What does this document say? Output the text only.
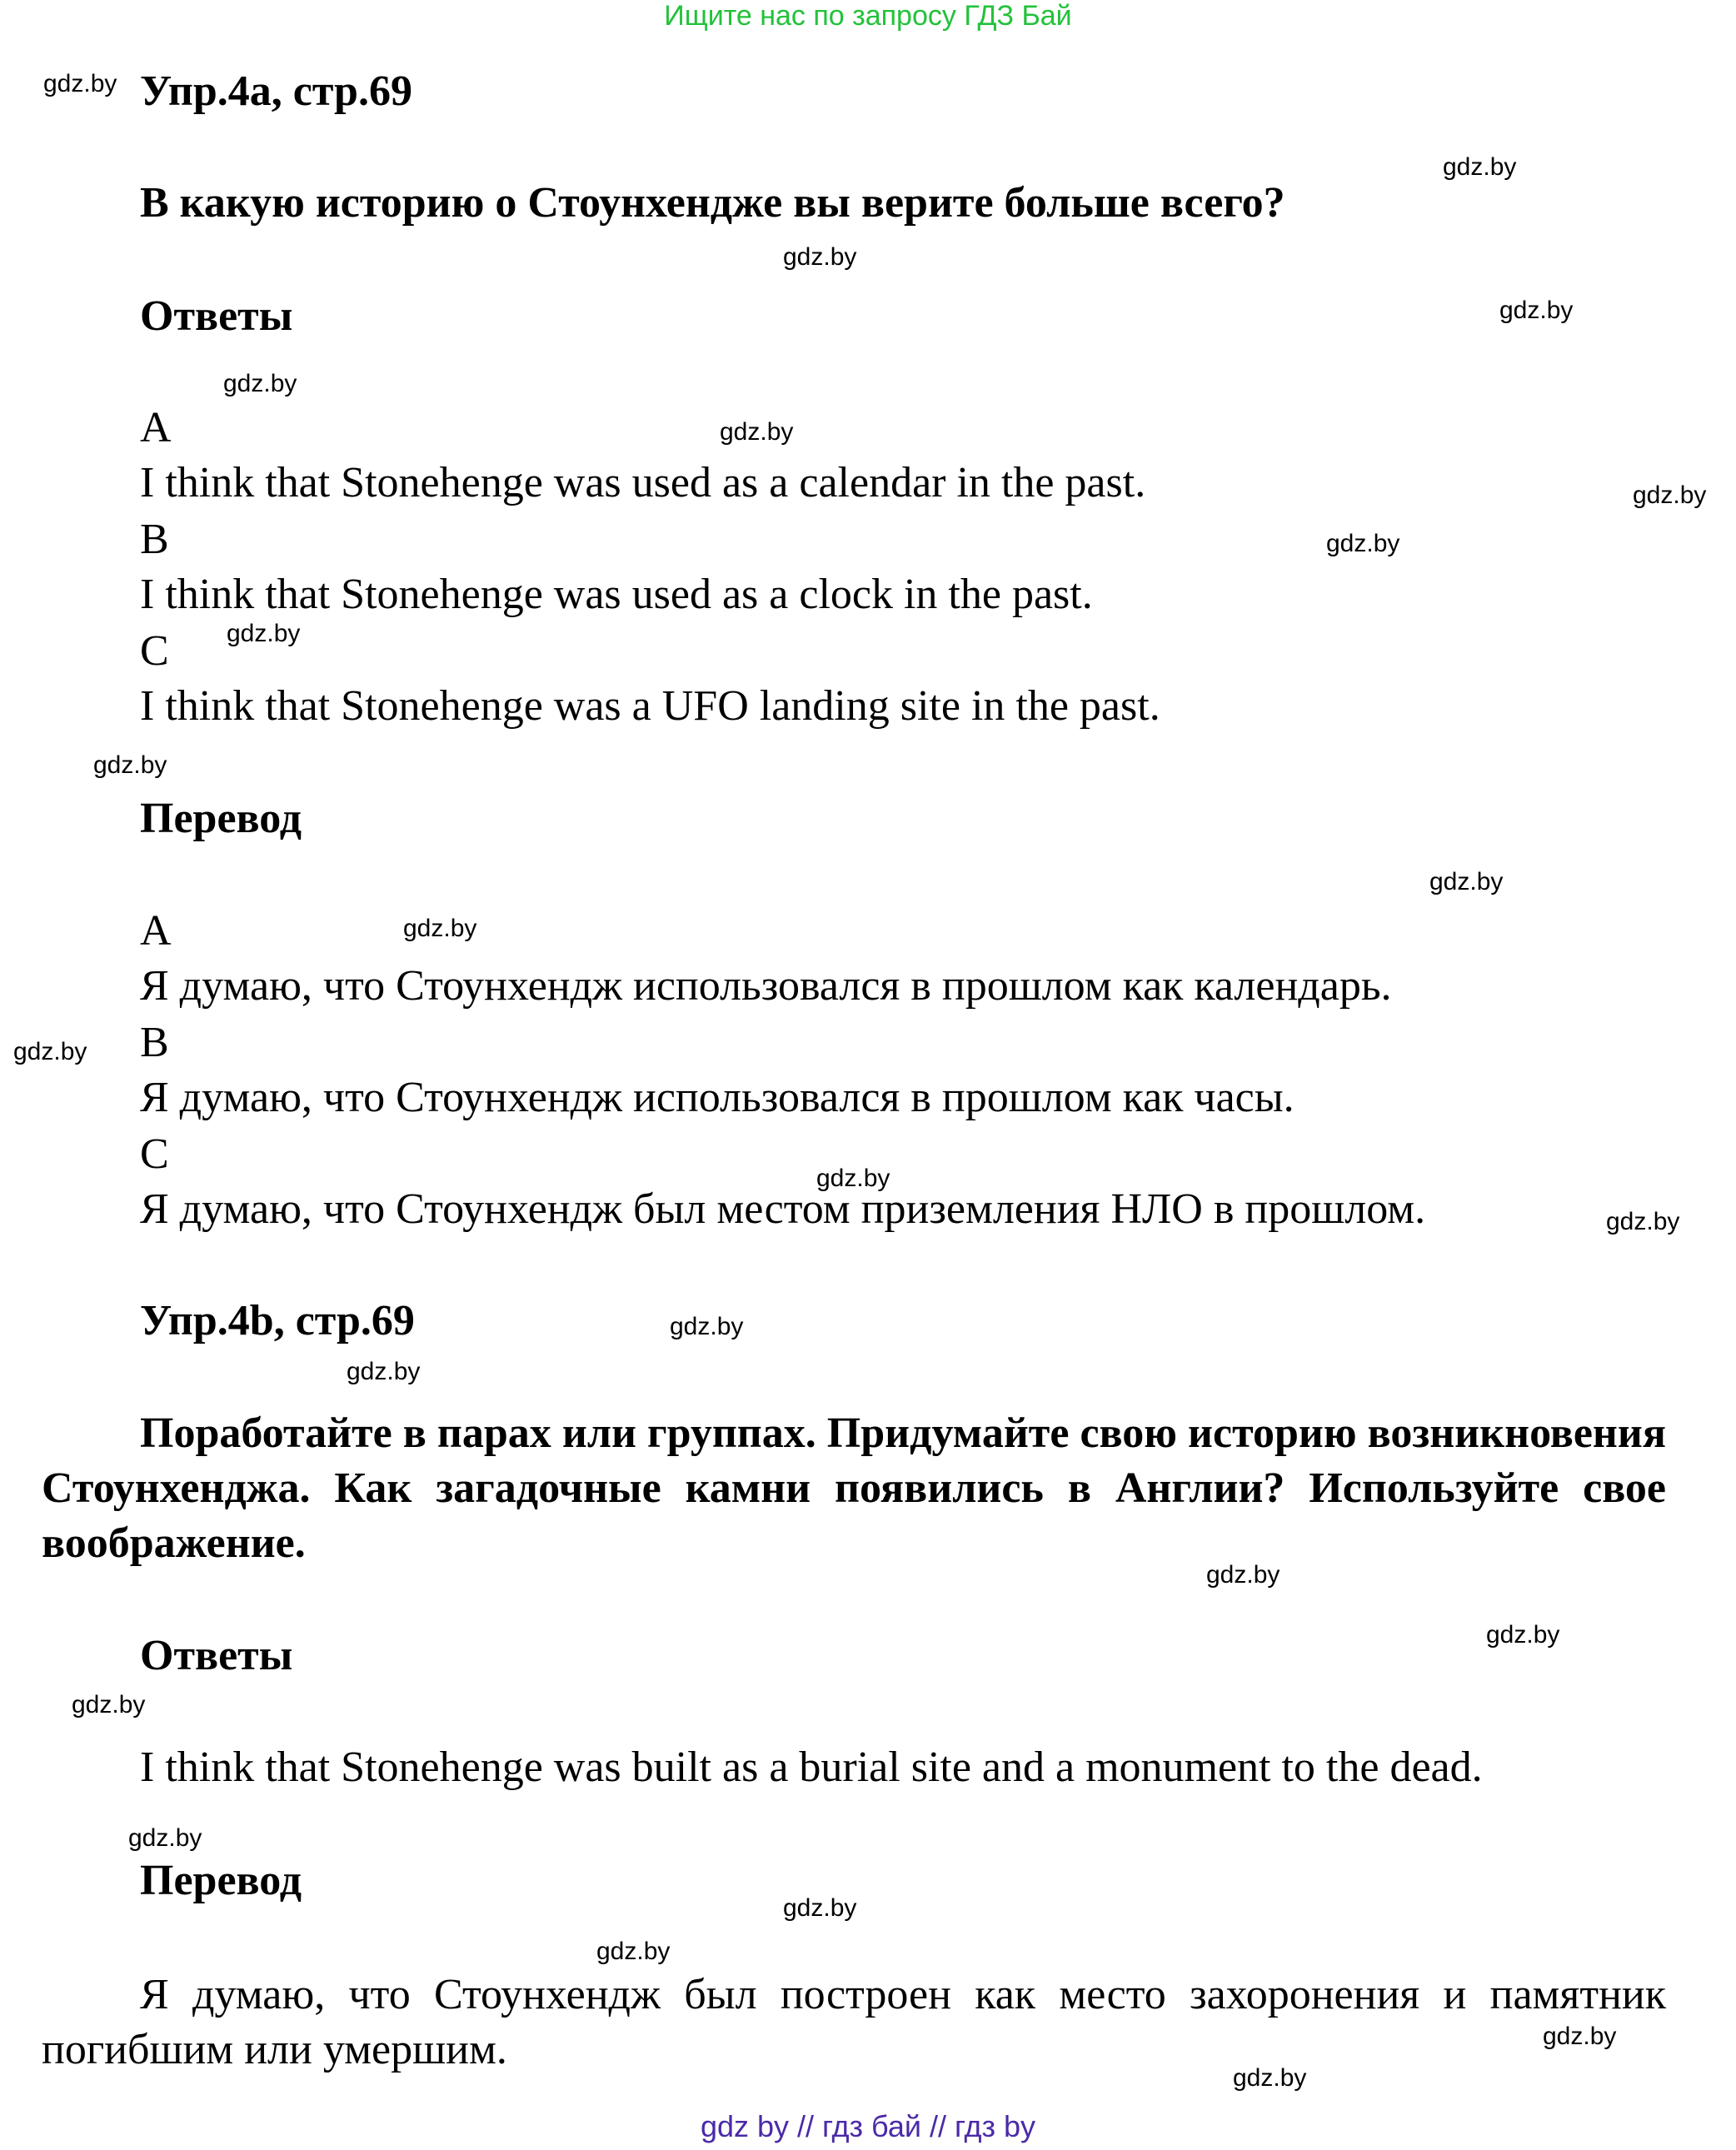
Ищите нас по запросу ГДЗ Бай
Упр.4a, стр.69
В какую историю о Стоунхендже вы верите больше всего?
Ответы
A
I think that Stonehenge was used as a calendar in the past.
B
I think that Stonehenge was used as a clock in the past.
C
I think that Stonehenge was a UFO landing site in the past.
Перевод
A
Я думаю, что Стоунхендж использовался в прошлом как календарь.
B
Я думаю, что Стоунхендж использовался в прошлом как часы.
C
Я думаю, что Стоунхендж был местом приземления НЛО в прошлом.
Упр.4b, стр.69
Поработайте в парах или группах. Придумайте свою историю возникновения Стоунхенджа. Как загадочные камни появились в Англии? Используйте свое воображение.
Ответы
I think that Stonehenge was built as a burial site and a monument to the dead.
Перевод
Я думаю, что Стоунхендж был построен как место захоронения и памятник погибшим или умершим.
gdz.by
gdz.by
gdz.by
gdz.by
gdz.by
gdz.by
gdz.by
gdz.by
gdz.by
gdz.by
gdz.by
gdz.by
gdz.by
gdz.by
gdz.by
gdz.by
gdz.by
gdz.by
gdz.by
gdz.by
gdz.by
gdz.by
gdz.by
gdz.by
gdz.by
gdz by // гдз бай // гдз by
